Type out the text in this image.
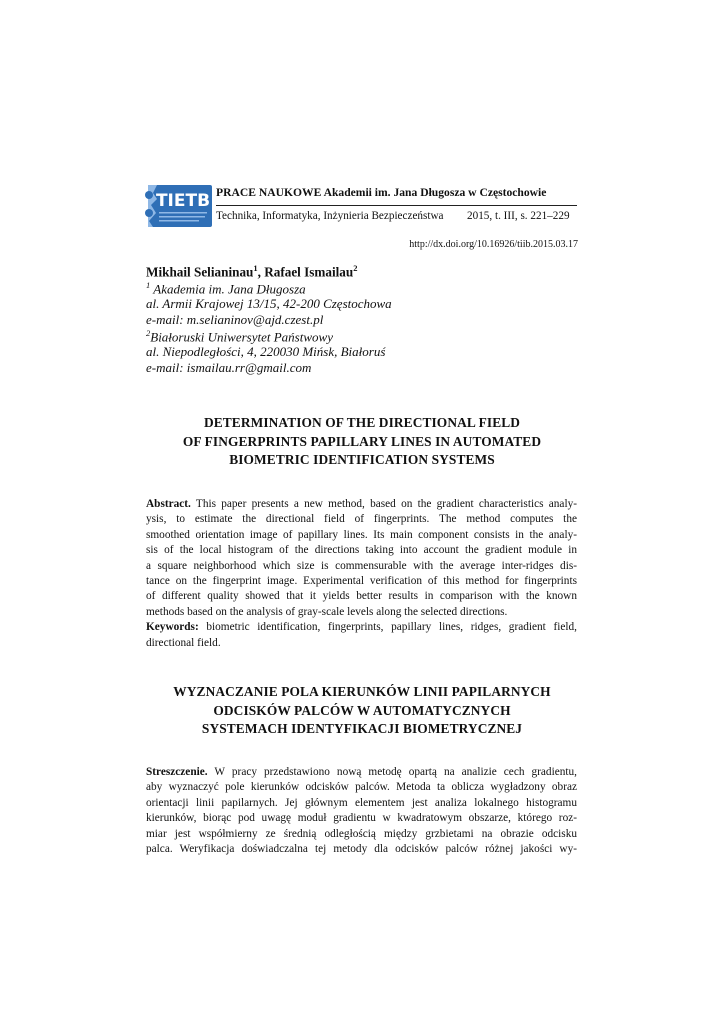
TIETB PRACE NAUKOWE Akademii im. Jana Długosza w Częstochowie
Technika, Informatyka, Inżynieria Bezpieczeństwa 2015, t. III, s. 221–229
http://dx.doi.org/10.16926/tiib.2015.03.17
Mikhail Selianinau$^1$, Rafael Ismailau$^2$
$^1$ Akademia im. Jana Długosza
al. Armii Krajowej 13/15, 42-200 Częstochowa
e-mail: m.selianinov@ajd.czest.pl
$^2$Białoruski Uniwersytet Państwowy
al. Niepodległości, 4, 220030 Mińsk, Białoruś
e-mail: ismailau.rr@gmail.com
DETERMINATION OF THE DIRECTIONAL FIELD
OF FINGERPRINTS PAPILLARY LINES IN AUTOMATED
BIOMETRIC IDENTIFICATION SYSTEMS
Abstract. This paper presents a new method, based on the gradient characteristics analy-
ysis, to estimate the directional field of fingerprints. The method computes the
smoothed orientation image of papillary lines. Its main component consists in the analy-
sis of the local histogram of the directions taking into account the gradient module in
a square neighborhood which size is commensurable with the average inter-ridges dis-
tance on the fingerprint image. Experimental verification of this method for fingerprints
of different quality showed that it yields better results in comparison with the known
methods based on the analysis of gray-scale levels along the selected directions.
Keywords: biometric identification, fingerprints, papillary lines, ridges, gradient field,
directional field.
WYZNACZANIE POLA KIERUNKÓW LINII PAPILARNYCH
ODCISKÓW PALCÓW W AUTOMATYCZNYCH
SYSTEMACH IDENTYFIKACJI BIOMETRYCZNEJ
Streszczenie. W pracy przedstawiono nową metodę opartą na analizie cech gradientu,
aby wyznaczyć pole kierunków odcisków palców. Metoda ta oblicza wygładzony obraz
orientacji linii papilarnych. Jej głównym elementem jest analiza lokalnego histogramu
kierunków, biorąc pod uwagę moduł gradientu w kwadratowym obszarze, którego roz-
miar jest współmierny ze średnią odległością między grzbietami na obrazie odcisku
palca. Weryfikacja doświadczalna tej metody dla odcisków palców różnej jakości wy-
